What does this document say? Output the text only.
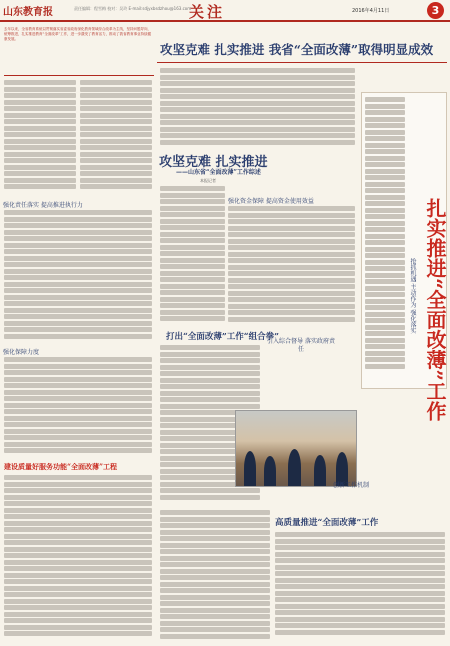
山东教育报	责任编辑：程雪梅 校对：吴玲 E-mail:sdjyxbsdzhou@163.com
关注	2016年4月11日	3
去年以来，全省教育系统以贯彻落实省委省政府深化教育领域综合改革为主线，坚持问题导向，统筹推进，扎实推进教育“全面改革”工作，进一步激发了教育活力，推动了我省教育事业持续健康发展。
攻坚克难 扎实推进 我省“全面改薄”取得明显成效
强化责任落实 提高推进执行力
强化保障力度
建设质量好服务功能“全面改薄”工程
攻坚克难 扎实推进
——山东省“全面改薄”工作综述
本报记者
强化资金保障 提高资金使用效益
打出“全面改薄”工作“组合拳”
引入综合督导 落实政府责任
创新工作机制
高质量推进“全面改薄”工作
扎实推进“全面改薄”工作
抢抓机遇 主动作为 强化落实
